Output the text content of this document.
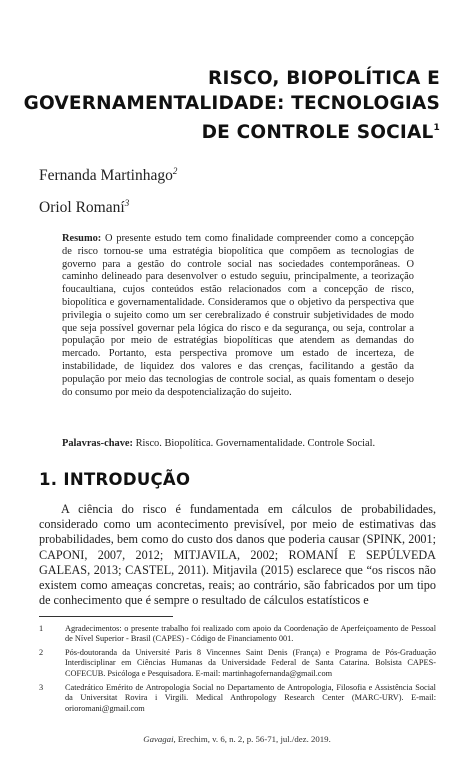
RISCO, BIOPOLÍTICA E
GOVERNAMENTALIDADE: TECNOLOGIAS
DE CONTROLE SOCIAL$^1$
Fernanda Martinhago$^2$
Oriol Romaní$^3$
Resumo: O presente estudo tem como finalidade compreender como a concepção de risco tornou-se uma estratégia biopolítica que compõem as tecnologias de governo para a gestão do controle social nas sociedades contemporâneas. O caminho delineado para desenvolver o estudo seguiu, principalmente, a teorização foucaultiana, cujos conteúdos estão relacionados com a concepção de risco, biopolítica e governamentalidade. Consideramos que o objetivo da perspectiva que privilegia o sujeito como um ser cerebralizado é construir subjetividades de modo que seja possível governar pela lógica do risco e da segurança, ou seja, controlar a população por meio de estratégias biopolíticas que atendem as demandas do mercado. Portanto, esta perspectiva promove um estado de incerteza, de instabilidade, de liquidez dos valores e das crenças, facilitando a gestão da população por meio das tecnologias de controle social, as quais fomentam o desejo do consumo por meio da despotencialização do sujeito.
Palavras-chave: Risco. Biopolítica. Governamentalidade. Controle Social.
1. INTRODUÇÃO
A ciência do risco é fundamentada em cálculos de probabilidades, considerado como um acontecimento previsível, por meio de estimativas das probabilidades, bem como do custo dos danos que poderia causar (SPINK, 2001; CAPONI, 2007, 2012; MITJAVILA, 2002; ROMANÍ E SEPÚLVEDA GALEAS, 2013; CASTEL, 2011). Mitjavila (2015) esclarece que “os riscos não existem como ameaças concretas, reais; ao contrário, são fabricados por um tipo de conhecimento que é sempre o resultado de cálculos estatísticos e
1	Agradecimentos: o presente trabalho foi realizado com apoio da Coordenação de Aperfeiçoamento de Pessoal de Nível Superior - Brasil (CAPES) - Código de Financiamento 001.
2	Pós-doutoranda da Université Paris 8 Vincennes Saint Denis (França) e Programa de Pós-Graduação Interdisciplinar em Ciências Humanas da Universidade Federal de Santa Catarina. Bolsista CAPES-COFECUB. Psicóloga e Pesquisadora. E-mail: martinhagofernanda@gmail.com
3	Catedrático Emérito de Antropologia Social no Departamento de Antropologia, Filosofia e Assistência Social da Universitat Rovira i Virgili. Medical Anthropology Research Center (MARC-URV). E-mail: orioromani@gmail.com
Gavagai, Erechim, v. 6, n. 2, p. 56-71, jul./dez. 2019.
